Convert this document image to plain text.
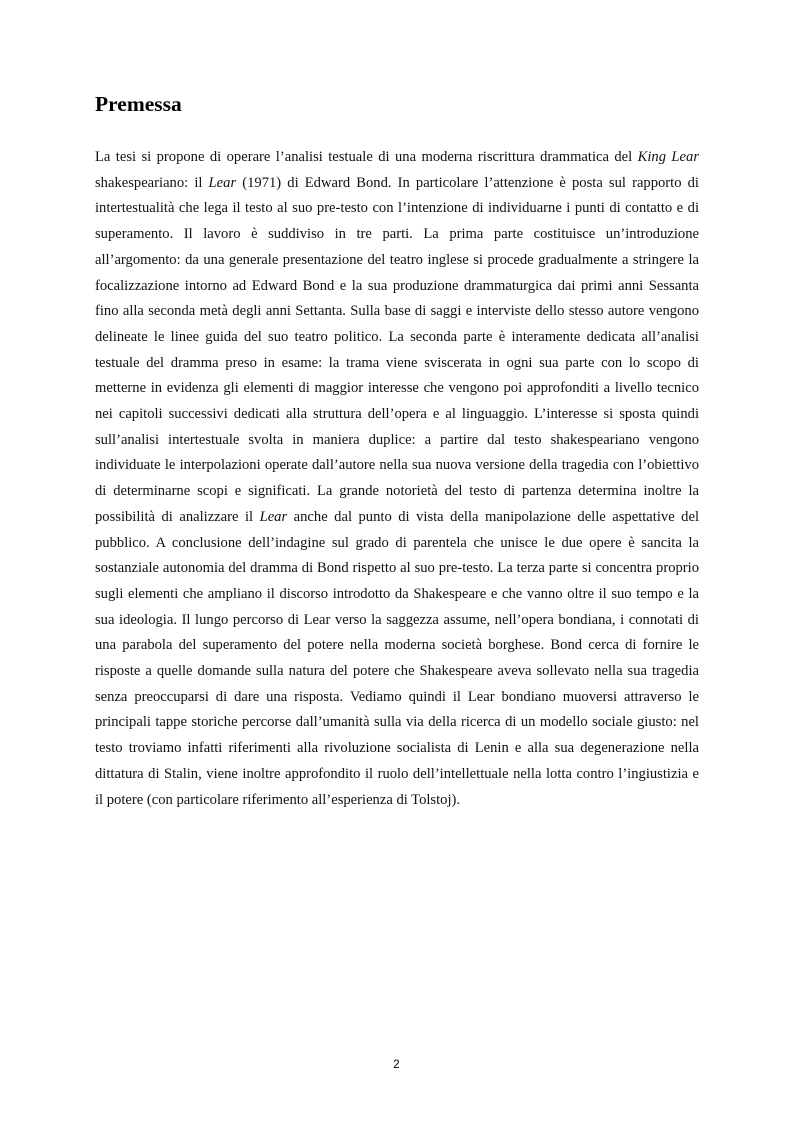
Premessa

La tesi si propone di operare l’analisi testuale di una moderna riscrittura drammatica del King Lear shakespeariano: il Lear (1971) di Edward Bond. In particolare l’attenzione è posta sul rapporto di intertestualità che lega il testo al suo pre-testo con l’intenzione di individuarne i punti di contatto e di superamento. Il lavoro è suddiviso in tre parti. La prima parte costituisce un’introduzione all’argomento: da una generale presentazione del teatro inglese si procede gradualmente a stringere la focalizzazione intorno ad Edward Bond e la sua produzione drammaturgica dai primi anni Sessanta fino alla seconda metà degli anni Settanta. Sulla base di saggi e interviste dello stesso autore vengono delineate le linee guida del suo teatro politico. La seconda parte è interamente dedicata all’analisi testuale del dramma preso in esame: la trama viene sviscerata in ogni sua parte con lo scopo di metterne in evidenza gli elementi di maggior interesse che vengono poi approfonditi a livello tecnico nei capitoli successivi dedicati alla struttura dell’opera e al linguaggio. L’interesse si sposta quindi sull’analisi intertestuale svolta in maniera duplice: a partire dal testo shakespeariano vengono individuate le interpolazioni operate dall’autore nella sua nuova versione della tragedia con l’obiettivo di determinarne scopi e significati. La grande notorietà del testo di partenza determina inoltre la possibilità di analizzare il Lear anche dal punto di vista della manipolazione delle aspettative del pubblico. A conclusione dell’indagine sul grado di parentela che unisce le due opere è sancita la sostanziale autonomia del dramma di Bond rispetto al suo pre-testo. La terza parte si concentra proprio sugli elementi che ampliano il discorso introdotto da Shakespeare e che vanno oltre il suo tempo e la sua ideologia. Il lungo percorso di Lear verso la saggezza assume, nell’opera bondiana, i connotati di una parabola del superamento del potere nella moderna società borghese. Bond cerca di fornire le risposte a quelle domande sulla natura del potere che Shakespeare aveva sollevato nella sua tragedia senza preoccuparsi di dare una risposta. Vediamo quindi il Lear bondiano muoversi attraverso le principali tappe storiche percorse dall’umanità sulla via della ricerca di un modello sociale giusto: nel testo troviamo infatti riferimenti alla rivoluzione socialista di Lenin e alla sua degenerazione nella dittatura di Stalin, viene inoltre approfondito il ruolo dell’intellettuale nella lotta contro l’ingiustizia e il potere (con particolare riferimento all’esperienza di Tolstoj).

2
